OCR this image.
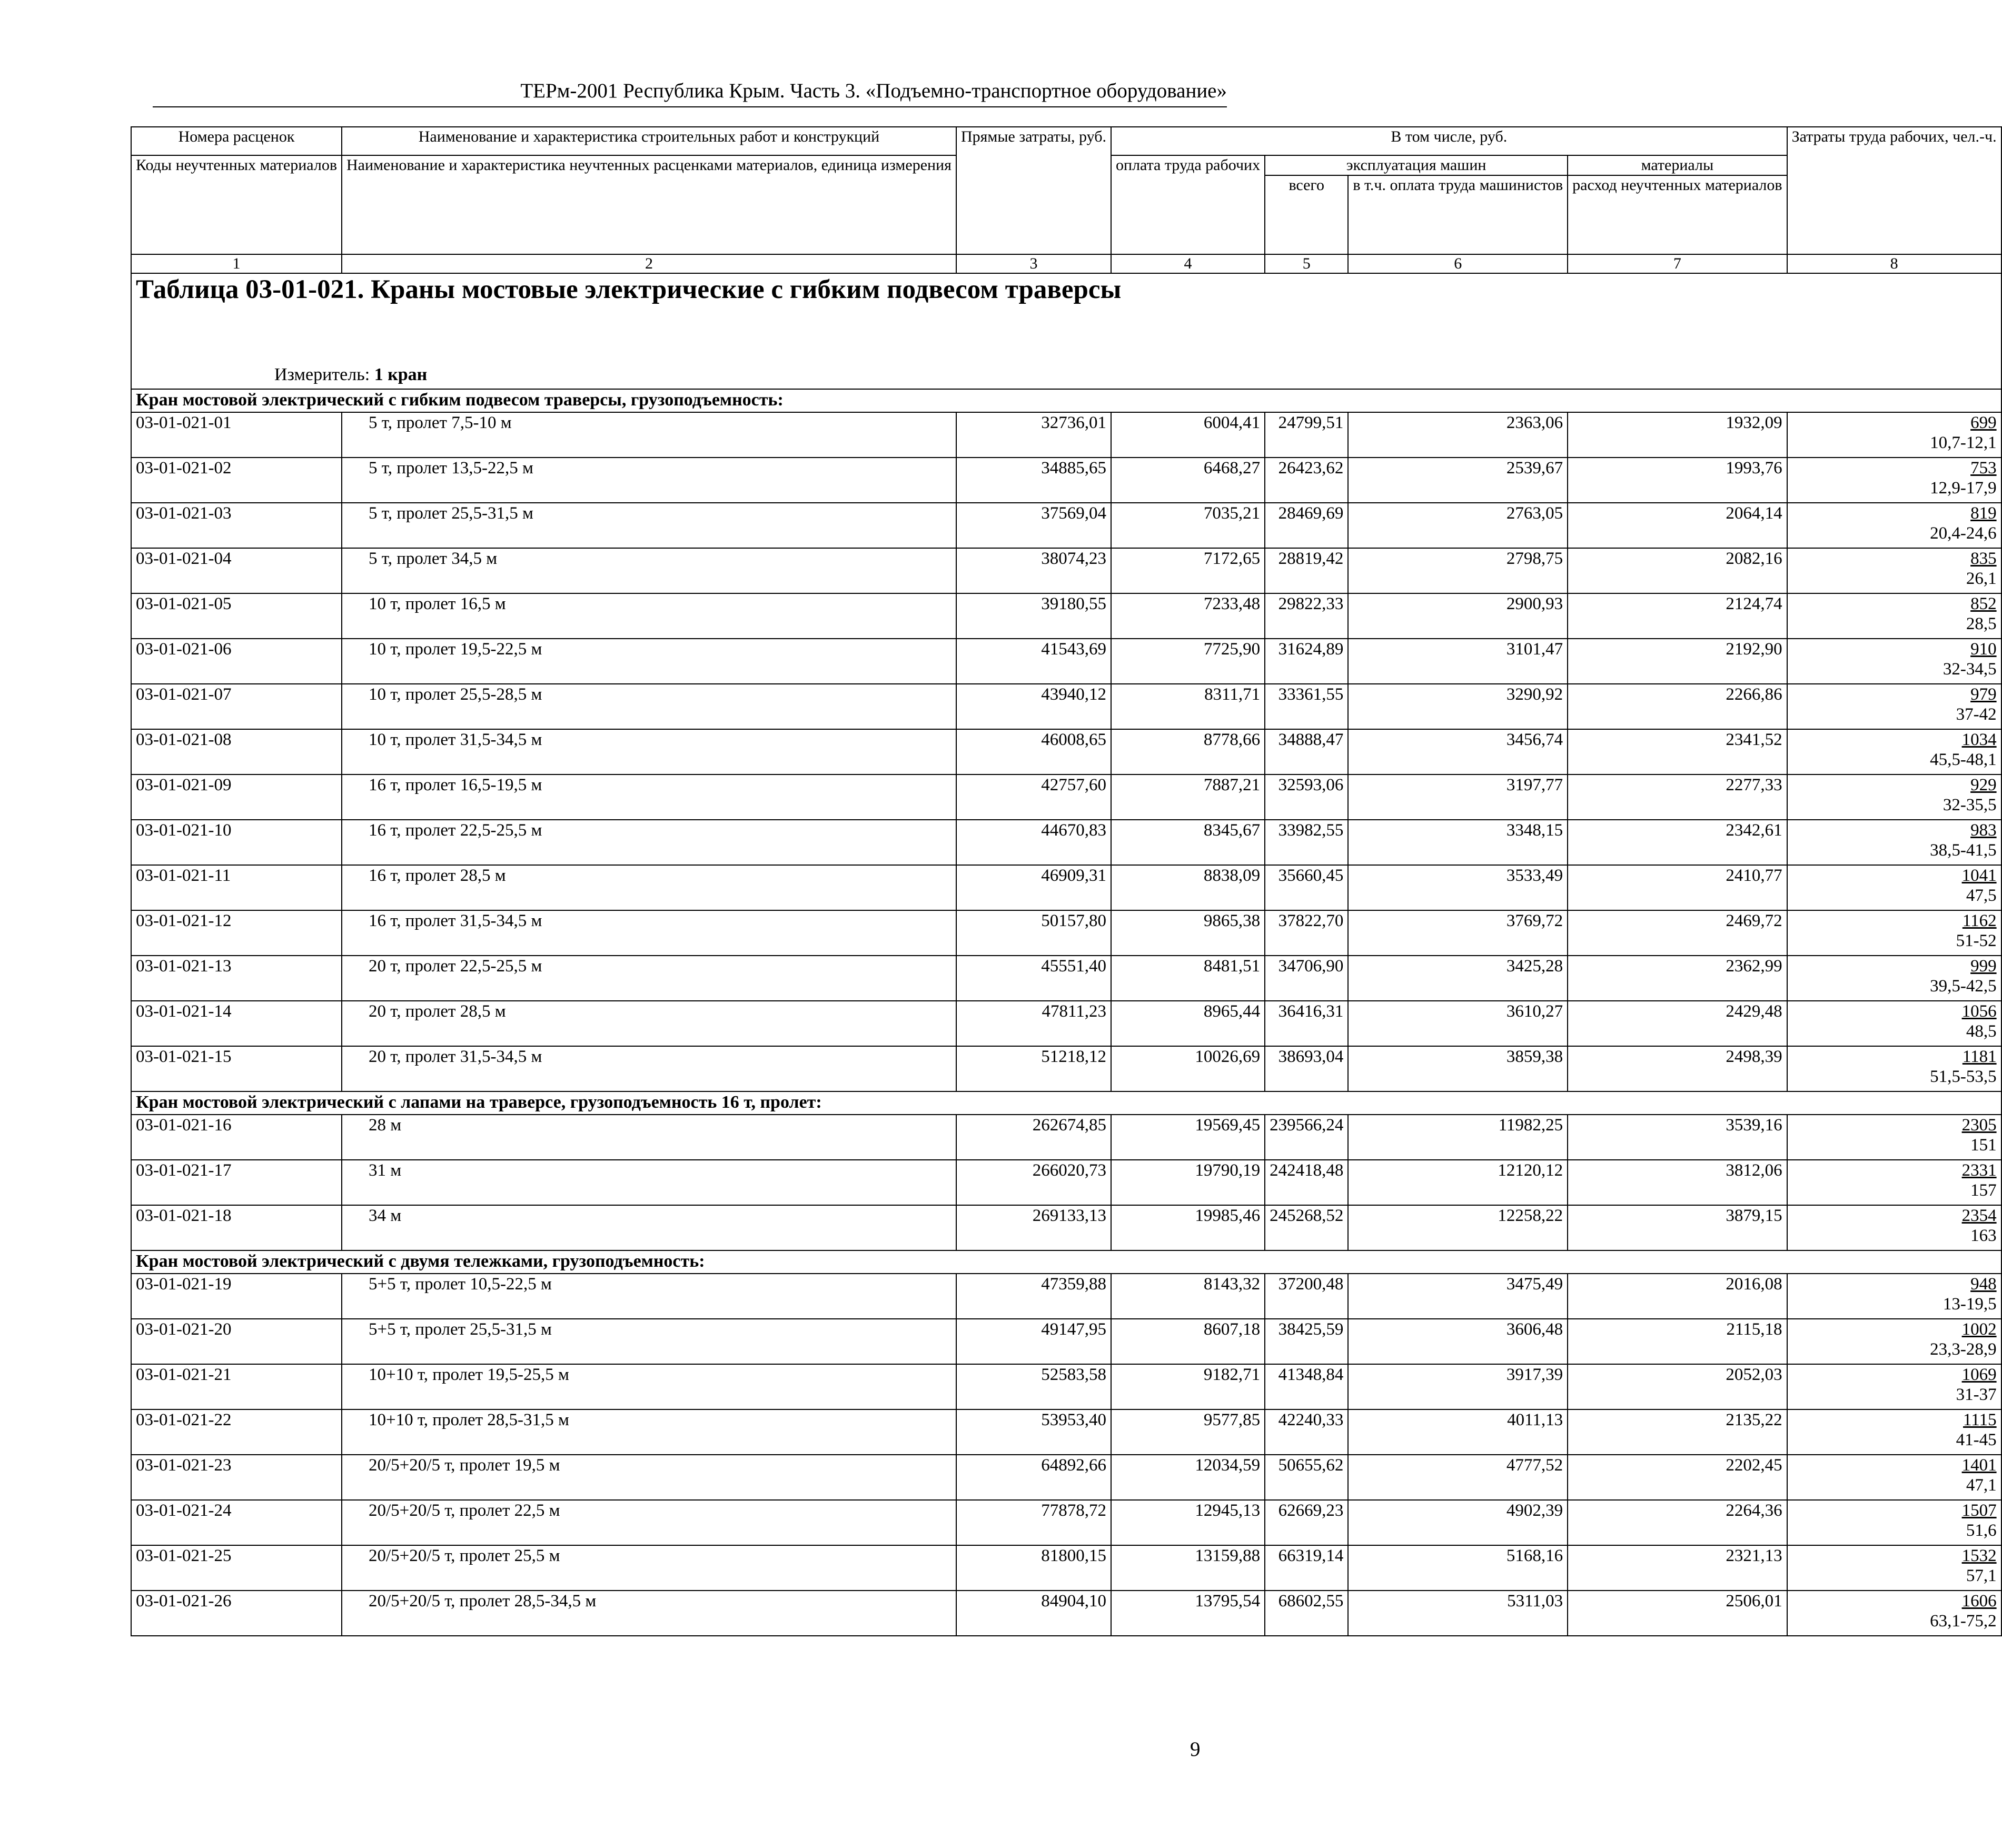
ТЕРм-2001 Республика Крым. Часть 3. «Подъемно-транспортное оборудование»
Номера расценок	Наименование и характеристика строительных работ и конструкций	Прямые затраты, руб.	В том числе, руб.				Затраты труда рабочих, чел.-ч.
Коды неучтенных материалов	Наименование и характеристика неучтенных расценками материалов, единица измерения		оплата труда рабочих	эксплуатация машин		материалы	
				всего	в т.ч. оплата труда машинистов	расход неучтенных материалов	
1	2	3	4	5	6	7	8

Таблица 03-01-021. Краны мостовые электрические с гибким подвесом траверсы							

Измеритель: 1 кран							

Кран мостовой электрический с гибким подвесом траверсы, грузоподъемность:							
03-01-021-01	5 т, пролет 7,5-10 м	32736,01	6004,41	24799,51	2363,06	1932,09	699
10,7-12,1

03-01-021-02	5 т, пролет 13,5-22,5 м	34885,65	6468,27	26423,62	2539,67	1993,76	753
12,9-17,9

03-01-021-03	5 т, пролет 25,5-31,5 м	37569,04	7035,21	28469,69	2763,05	2064,14	819
20,4-24,6

03-01-021-04	5 т, пролет 34,5 м	38074,23	7172,65	28819,42	2798,75	2082,16	835
26,1

03-01-021-05	10 т, пролет 16,5 м	39180,55	7233,48	29822,33	2900,93	2124,74	852
28,5

03-01-021-06	10 т, пролет 19,5-22,5 м	41543,69	7725,90	31624,89	3101,47	2192,90	910
32-34,5

03-01-021-07	10 т, пролет 25,5-28,5 м	43940,12	8311,71	33361,55	3290,92	2266,86	979
37-42

03-01-021-08	10 т, пролет 31,5-34,5 м	46008,65	8778,66	34888,47	3456,74	2341,52	1034
45,5-48,1

03-01-021-09	16 т, пролет 16,5-19,5 м	42757,60	7887,21	32593,06	3197,77	2277,33	929
32-35,5

03-01-021-10	16 т, пролет 22,5-25,5 м	44670,83	8345,67	33982,55	3348,15	2342,61	983
38,5-41,5

03-01-021-11	16 т, пролет 28,5 м	46909,31	8838,09	35660,45	3533,49	2410,77	1041
47,5

03-01-021-12	16 т, пролет 31,5-34,5 м	50157,80	9865,38	37822,70	3769,72	2469,72	1162
51-52

03-01-021-13	20 т, пролет 22,5-25,5 м	45551,40	8481,51	34706,90	3425,28	2362,99	999
39,5-42,5

03-01-021-14	20 т, пролет 28,5 м	47811,23	8965,44	36416,31	3610,27	2429,48	1056
48,5

03-01-021-15	20 т, пролет 31,5-34,5 м	51218,12	10026,69	38693,04	3859,38	2498,39	1181
51,5-53,5

Кран мостовой электрический с лапами на траверсе, грузоподъемность 16 т, пролет:							
03-01-021-16	28 м	262674,85	19569,45	239566,24	11982,25	3539,16	2305
151

03-01-021-17	31 м	266020,73	19790,19	242418,48	12120,12	3812,06	2331
157

03-01-021-18	34 м	269133,13	19985,46	245268,52	12258,22	3879,15	2354
163

Кран мостовой электрический с двумя тележками, грузоподъемность:							
03-01-021-19	5+5 т, пролет 10,5-22,5 м	47359,88	8143,32	37200,48	3475,49	2016,08	948
13-19,5

03-01-021-20	5+5 т, пролет 25,5-31,5 м	49147,95	8607,18	38425,59	3606,48	2115,18	1002
23,3-28,9

03-01-021-21	10+10 т, пролет 19,5-25,5 м	52583,58	9182,71	41348,84	3917,39	2052,03	1069
31-37

03-01-021-22	10+10 т, пролет 28,5-31,5 м	53953,40	9577,85	42240,33	4011,13	2135,22	1115
41-45

03-01-021-23	20/5+20/5 т, пролет 19,5 м	64892,66	12034,59	50655,62	4777,52	2202,45	1401
47,1

03-01-021-24	20/5+20/5 т, пролет 22,5 м	77878,72	12945,13	62669,23	4902,39	2264,36	1507
51,6

03-01-021-25	20/5+20/5 т, пролет 25,5 м	81800,15	13159,88	66319,14	5168,16	2321,13	1532
57,1

03-01-021-26	20/5+20/5 т, пролет 28,5-34,5 м	84904,10	13795,54	68602,55	5311,03	2506,01	1606
63,1-75,2
9
